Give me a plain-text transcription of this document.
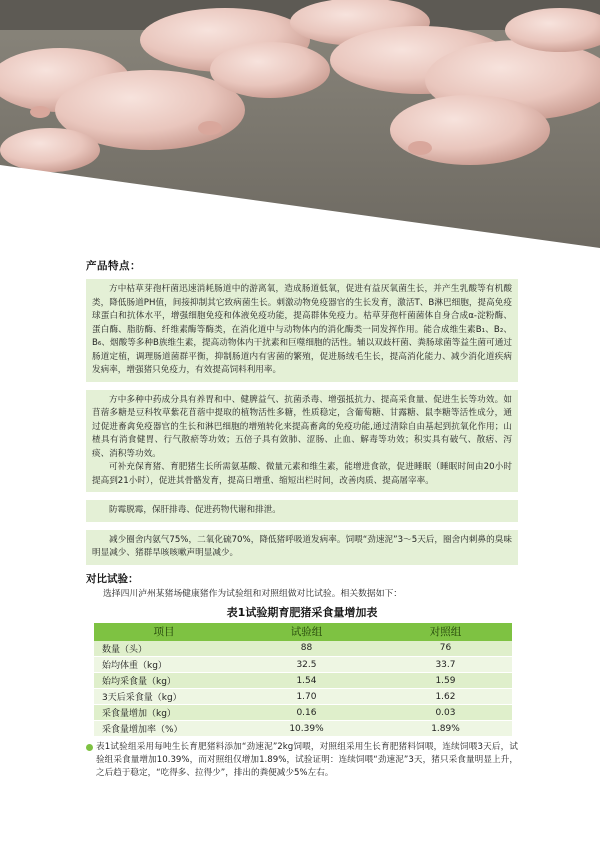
产品特点：

方中枯草芽孢杆菌迅速消耗肠道中的游离氧，造成肠道低氧，促进有益厌氧菌生长，并产生乳酸等有机酸类，降低肠道PH值，间接抑制其它致病菌生长。刺激动物免疫器官的生长发育，激活T、B淋巴细胞，提高免疫球蛋白和抗体水平，增强细胞免疫和体液免疫功能，提高群体免疫力。枯草芽孢杆菌菌体自身合成α-淀粉酶、蛋白酶、脂肪酶、纤维素酶等酶类，在消化道中与动物体内的消化酶类一同发挥作用。能合成维生素B₁、B₂、B₆、烟酸等多种B族维生素，提高动物体内干扰素和巨噬细胞的活性。辅以双歧杆菌、粪肠球菌等益生菌可通过肠道定植，调理肠道菌群平衡，抑制肠道内有害菌的繁殖，促进肠绒毛生长，提高消化能力、减少消化道疾病发病率，增强猪只免疫力，有效提高饲料利用率。

方中多种中药成分具有养胃和中、健脾益气、抗菌杀毒、增强抵抗力、提高采食量、促进生长等功效。如苜蓿多糖是豆科牧草紫花苜蓿中提取的植物活性多糖，性质稳定，含葡萄糖、甘露糖、鼠李糖等活性成分，通过促进畜禽免疫器官的生长和淋巴细胞的增殖转化来提高畜禽的免疫功能,通过清除自由基起到抗氧化作用；山楂具有消食健胃、行气散瘀等功效；五倍子具有敛肺、涩肠、止血、解毒等功效；积实具有破气、散痞、泻痰、消积等功效。

可补充保育猪、育肥猪生长所需氨基酸、微量元素和维生素，能增进食欲，促进睡眠（睡眠时间由20小时提高到21小时），促进其骨骼发育，提高日增重、缩短出栏时间，改善肉质、提高屠宰率。

防霉脱霉，保肝排毒、促进药物代谢和排泄。

减少圈舍内氨气75%，二氧化硫70%，降低猪呼吸道发病率。饲喂“劲速泥”3～5天后，圈舍内刺鼻的臭味明显减少、猪群旱咳咳嗽声明显减少。

对比试验：
选择四川泸州某猪场健康猪作为试验组和对照组做对比试验。相关数据如下：
表1试验期育肥猪采食量增加表
项目	试验组	对照组
数量（头）	88	76
始均体重（kg）	32.5	33.7
始均采食量（kg）	1.54	1.59
3天后采食量（kg）	1.70	1.62
采食量增加（kg）	0.16	0.03
采食量增加率（%）	10.39%	1.89%
表1试验组采用每吨生长育肥猪料添加“劲速泥”2kg饲喂，对照组采用生长育肥猪料饲喂，连续饲喂3天后，试验组采食量增加10.39%，而对照组仅增加1.89%，试验证明：连续饲喂“劲速泥”3天，猪只采食量明显上升，之后趋于稳定，“吃得多、拉得少”，排出的粪便减少5%左右。
